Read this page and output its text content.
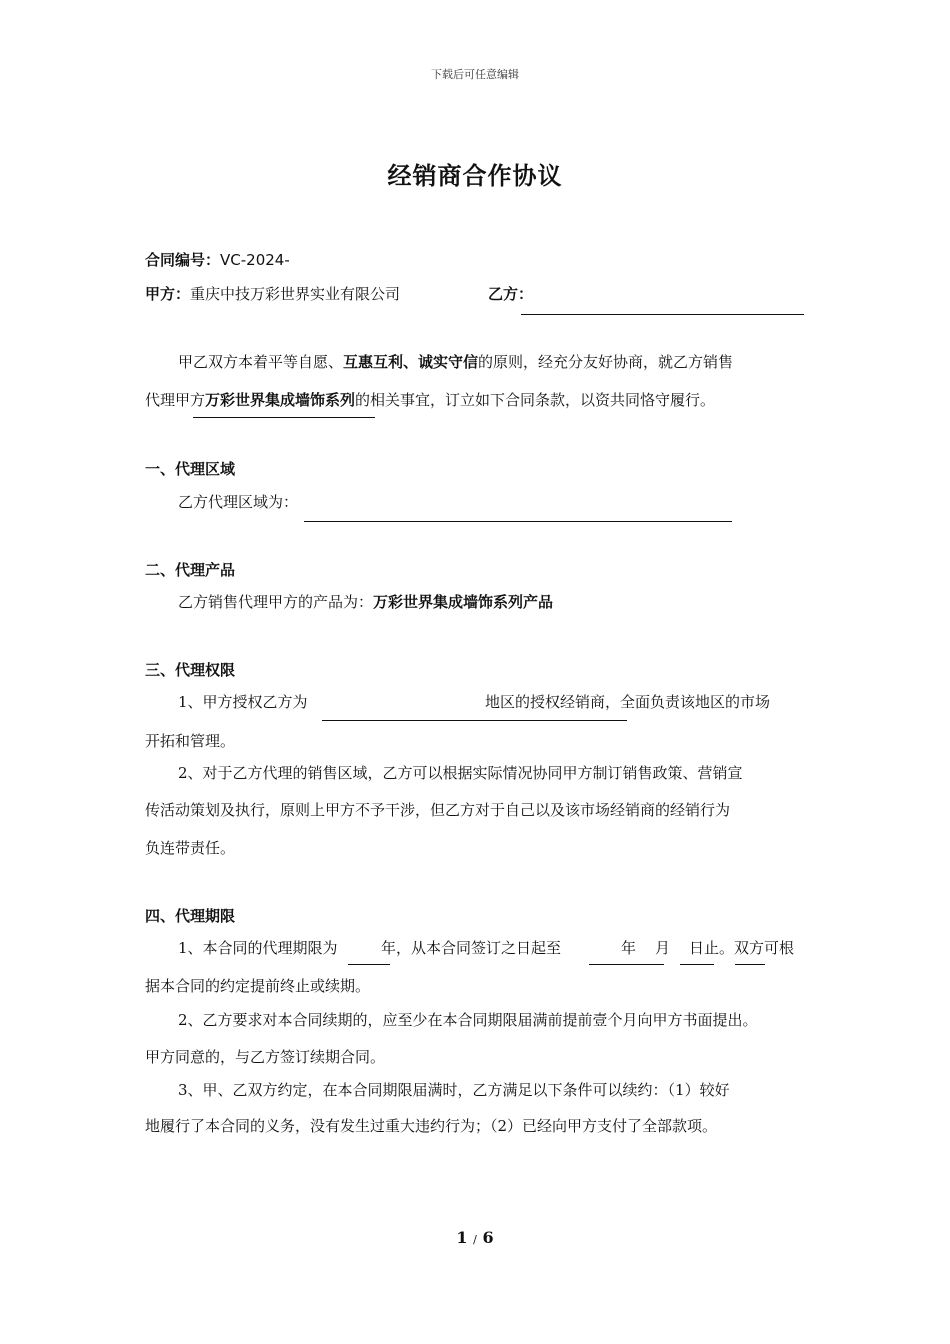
下载后可任意编辑
经销商合作协议
合同编号：VC-2024-
甲方：重庆中技万彩世界实业有限公司	乙方：
甲乙双方本着平等自愿、互惠互利、诚实守信的原则，经充分友好协商，就乙方销售
代理甲方万彩世界集成墙饰系列的相关事宜，订立如下合同条款，以资共同恪守履行。
一、代理区域
乙方代理区域为：
二、代理产品
乙方销售代理甲方的产品为：万彩世界集成墙饰系列产品
三、代理权限
1、甲方授权乙方为	地区的授权经销商，全面负责该地区的市场
开拓和管理。
2、对于乙方代理的销售区域，乙方可以根据实际情况协同甲方制订销售政策、营销宣
传活动策划及执行，原则上甲方不予干涉，但乙方对于自己以及该市场经销商的经销行为
负连带责任。
四、代理期限
1、本合同的代理期限为	年，从本合同签订之日起至	年 月 日止。双方可根
据本合同的约定提前终止或续期。
2、乙方要求对本合同续期的，应至少在本合同期限届满前提前壹个月向甲方书面提出。
甲方同意的，与乙方签订续期合同。
3、甲、乙双方约定，在本合同期限届满时，乙方满足以下条件可以续约：（1）较好
地履行了本合同的义务，没有发生过重大违约行为；（2）已经向甲方支付了全部款项。
1 / 6
